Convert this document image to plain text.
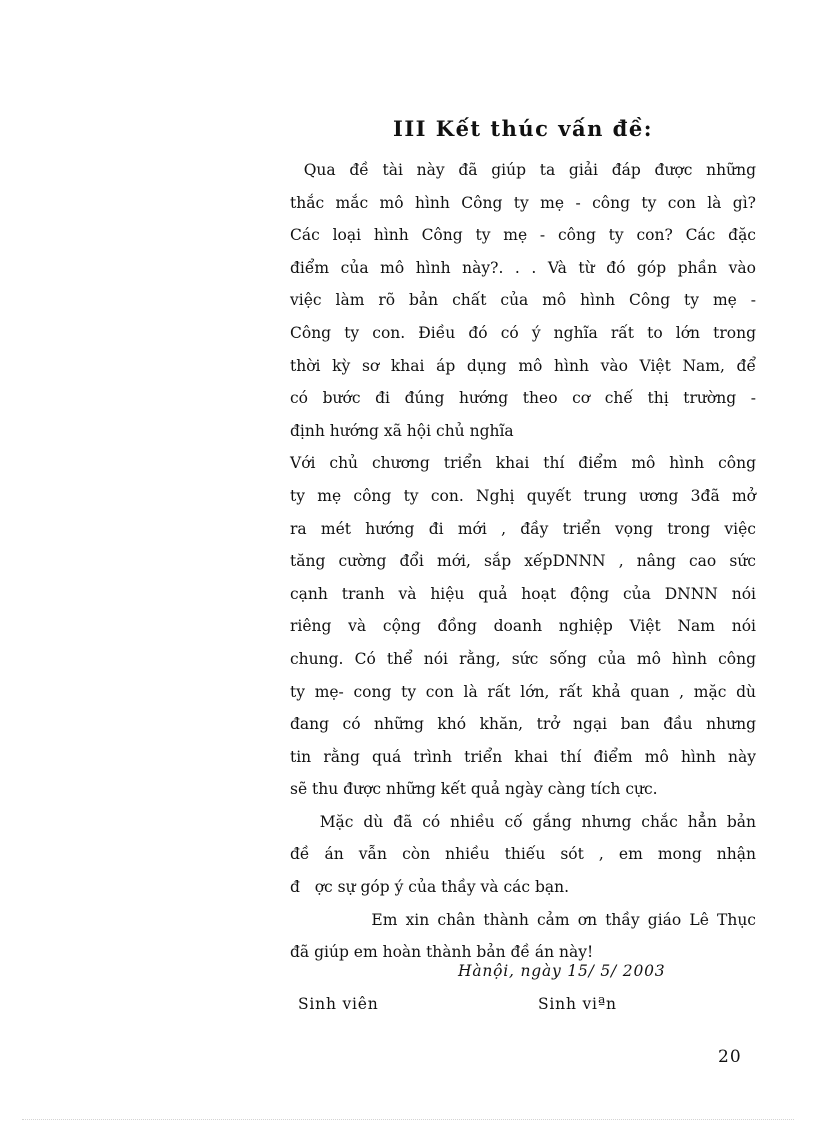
III Kết thúc vấn đề:
Qua đề tài này đã giúp ta giải đáp được những
thắc mắc mô hình Công ty mẹ - công ty con là gì?
Các loại hình Công ty mẹ - công ty con? Các đặc
điểm của mô hình này?. . . Và từ đó góp phần vào
việc làm rõ bản chất của mô hình Công ty mẹ -
Công ty con. Điều đó có ý nghĩa rất to lớn trong
thời kỳ sơ khai áp dụng mô hình vào Việt Nam, để
có bước đi đúng hướng theo cơ chế thị trường -
định hướng xã hội chủ nghĩa
Với chủ chương triển khai thí điểm mô hình công
ty mẹ công ty con. Nghị quyết trung ương 3đã mở
ra mét hướng đi mới , đầy triển vọng trong việc
tăng cường đổi mới, sắp xếpDNNN , nâng cao sức
cạnh tranh và hiệu quả hoạt động của DNNN nói
riêng và cộng đồng doanh nghiệp Việt Nam nói
chung. Có thể nói rằng, sức sống của mô hình công
ty mẹ- cong ty con là rất lớn, rất khả quan , mặc dù
đang có những khó khăn, trở ngại ban đầu nhưng
tin rằng quá trình triển khai thí điểm mô hình này
sẽ thu được những kết quả ngày càng tích cực.
Mặc dù đã có nhiều cố gắng nhưng chắc hẳn bản
đề án vẫn còn nhiều thiếu sót , em mong nhận
đ   ợc sự góp ý của thầy và các bạn.
Em xin chân thành cảm ơn thầy giáo Lê Thục
đã giúp em hoàn thành bản đề án này!
Hànội, ngày 15/ 5/ 2003
Sinh viên	Sinh viªn
20
